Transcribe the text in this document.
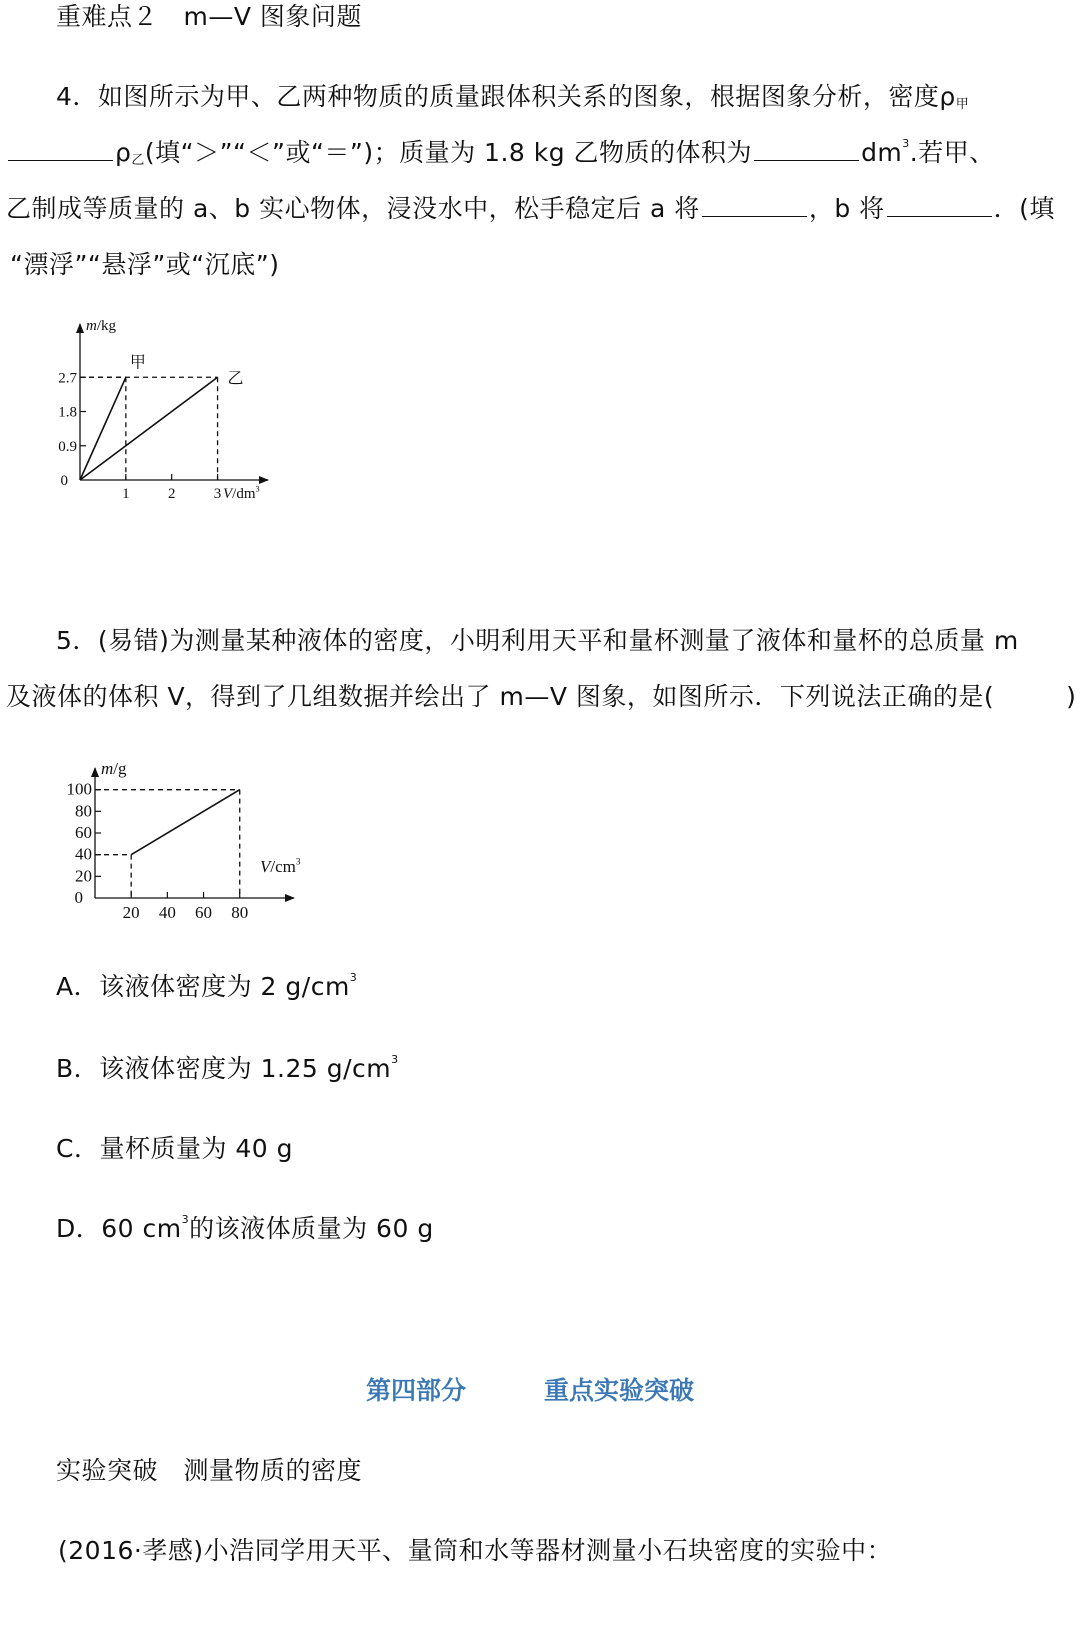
重难点２　m—V 图象问题
4．如图所示为甲、乙两种物质的质量跟体积关系的图象，根据图象分析，密度$\rho_甲$
$\rho_乙$(填“＞”“＜”或“＝”)；质量为 1.8 kg 乙物质的体积为	$dm^3$.若甲、
乙制成等质量的 a、b 实心物体，浸没水中，松手稳定后 a 将	，b 将	．(填
“漂浮”“悬浮”或“沉底”)
0
1	2	3
0.9
1.8
2.7
m/kg
$V/dm^3$
甲
乙
5．(易错)为测量某种液体的密度，小明利用天平和量杯测量了液体和量杯的总质量 m
及液体的体积 V，得到了几组数据并绘出了 m—V 图象，如图所示．下列说法正确的是(	)
0
20 40 60 80
20
40
60
80
100
m/g
$V/cm^3$
A．该液体密度为 2 $g/cm^3$
B．该液体密度为 1.25 $g/cm^3$
C．量杯质量为 40 g
D．60 $cm^3$的该液体质量为 60 g
第四部分	重点实验突破
实验突破　测量物质的密度
(2016·孝感)小浩同学用天平、量筒和水等器材测量小石块密度的实验中：
